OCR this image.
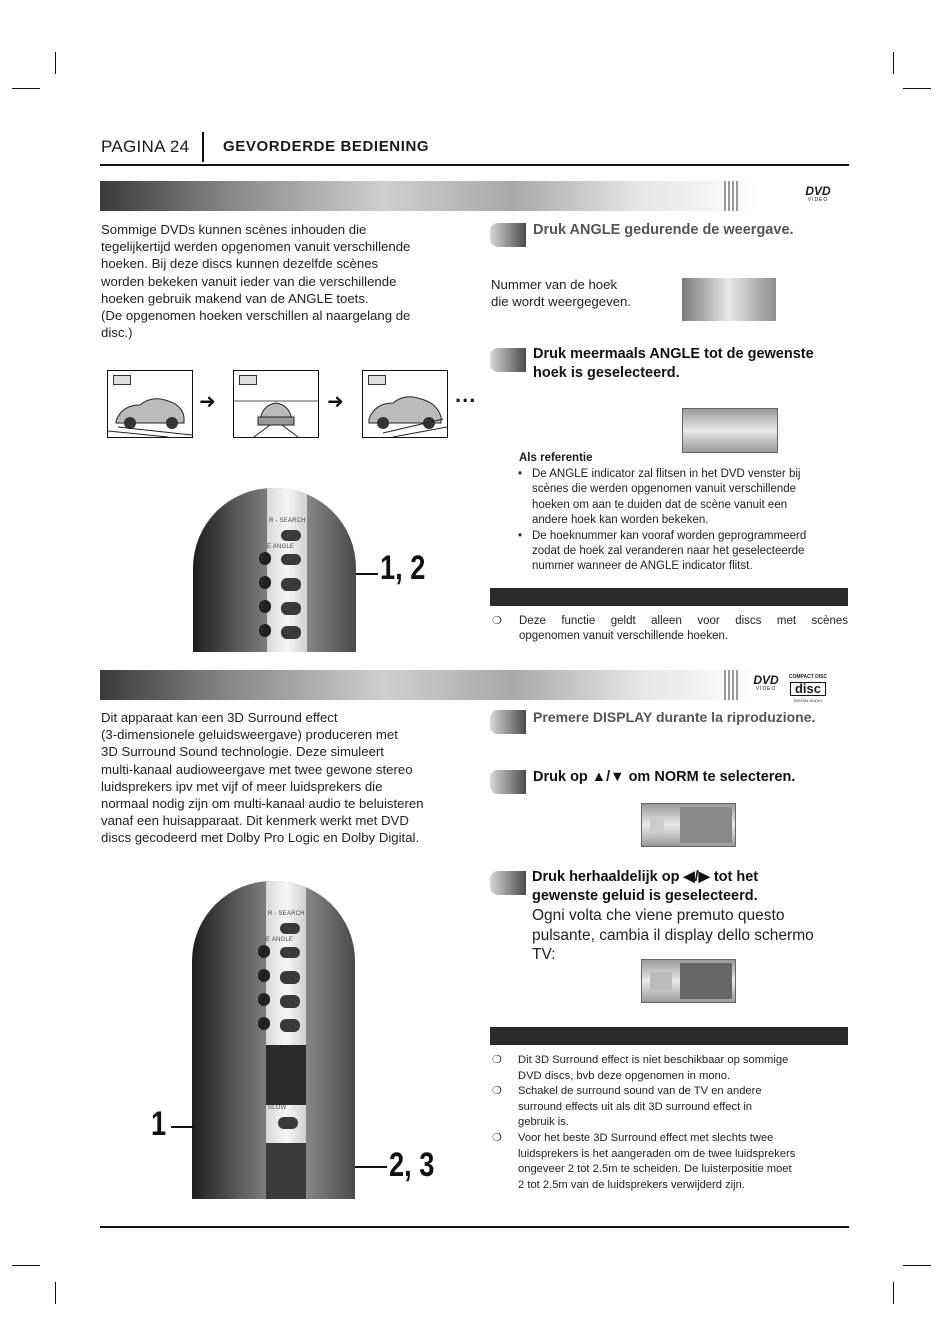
PAGINA 24 GEVORDERDE BEDIENING
DVD
VIDEO
Sommige DVDs kunnen scènes inhouden die
tegelijkertijd werden opgenomen vanuit verschillende
hoeken. Bij deze discs kunnen dezelfde scènes
worden bekeken vanuit ieder van die verschillende
hoeken gebruik makend van de ANGLE toets.
(De opgenomen hoeken verschillen al naargelang de
disc.)
➜	➜	...
R - SEARCH
E ANGLE
1, 2
Druk ANGLE gedurende de weergave.
Nummer van de hoek
die wordt weergegeven.
Druk meermaals ANGLE tot de gewenste
hoek is geselecteerd.
Als referentie
• De ANGLE indicator zal flitsen in het DVD venster bij
scènes die werden opgenomen vanuit verschillende
hoeken om aan te duiden dat de scène vanuit een
andere hoek kan worden bekeken.
• De hoeknummer kan vooraf worden geprogrammeerd
zodat de hoek zal veranderen naar het geselecteerde
nummer wanneer de ANGLE indicator flitst.
❍ Deze functie geldt alleen voor discs met scènes
opgenomen vanuit verschillende hoeken.
DVD
VIDEO
COMPACT DISC
disc
DIGITAL AUDIO
Dit apparaat kan een 3D Surround effect
(3-dimensionele geluidsweergave) produceren met
3D Surround Sound technologie. Deze simuleert
multi-kanaal audioweergave met twee gewone stereo
luidsprekers ipv met vijf of meer luidsprekers die
normaal nodig zijn om multi-kanaal audio te beluisteren
vanaf een huisapparaat. Dit kenmerk werkt met DVD
discs gecodeerd met Dolby Pro Logic en Dolby Digital.
R - SEARCH
E ANGLE
SLOW
1
2, 3
Premere DISPLAY durante la riproduzione.
Druk op ▲/▼ om NORM te selecteren.
Druk herhaaldelijk op ◀/▶ tot het
gewenste geluid is geselecteerd.
Ogni volta che viene premuto questo
pulsante, cambia il display dello schermo
TV:
❍ Dit 3D Surround effect is niet beschikbaar op sommige
DVD discs, bvb deze opgenomen in mono.
❍ Schakel de surround sound van de TV en andere
surround effects uit als dit 3D surround effect in
gebruik is.
❍ Voor het beste 3D Surround effect met slechts twee
luidsprekers is het aangeraden om de twee luidsprekers
ongeveer 2 tot 2.5m te scheiden. De luisterpositie moet
2 tot 2.5m van de luidsprekers verwijderd zijn.
